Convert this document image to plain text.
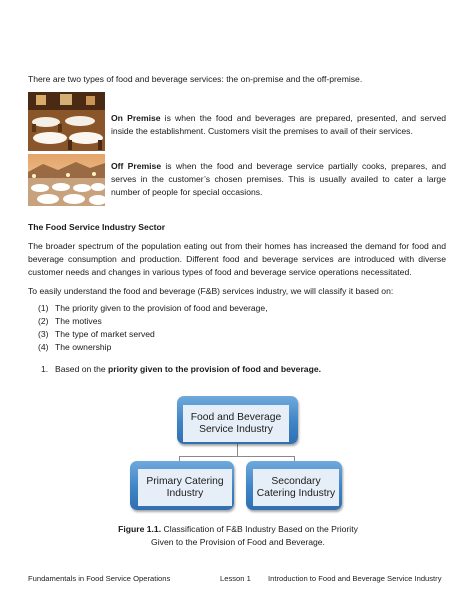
There are two types of food and beverage services: the on-premise and the off-premise.
On Premise is when the food and beverages are prepared, presented, and served inside the establishment. Customers visit the premises to avail of their services.
Off Premise is when the food and beverage service partially cooks, prepares, and serves in the customer’s chosen premises. This is usually availed to cater a large number of people for special occasions.
The Food Service Industry Sector
The broader spectrum of the population eating out from their homes has increased the demand for food and beverage consumption and production. Different food and beverage services are introduced with diverse customer needs and changes in various types of food and beverage service operations necessitated.
To easily understand the food and beverage (F&B) services industry, we will classify it based on:
(1) The priority given to the provision of food and beverage,
(2) The motives
(3) The type of market served
(4) The ownership
1. Based on the priority given to the provision of food and beverage.
Food and Beverage Service Industry
Primary Catering Industry
Secondary Catering Industry
Figure 1.1. Classification of F&B Industry Based on the Priority
Given to the Provision of Food and Beverage.
Fundamentals in Food Service Operations	Lesson 1 Introduction to Food and Beverage Service Industry
